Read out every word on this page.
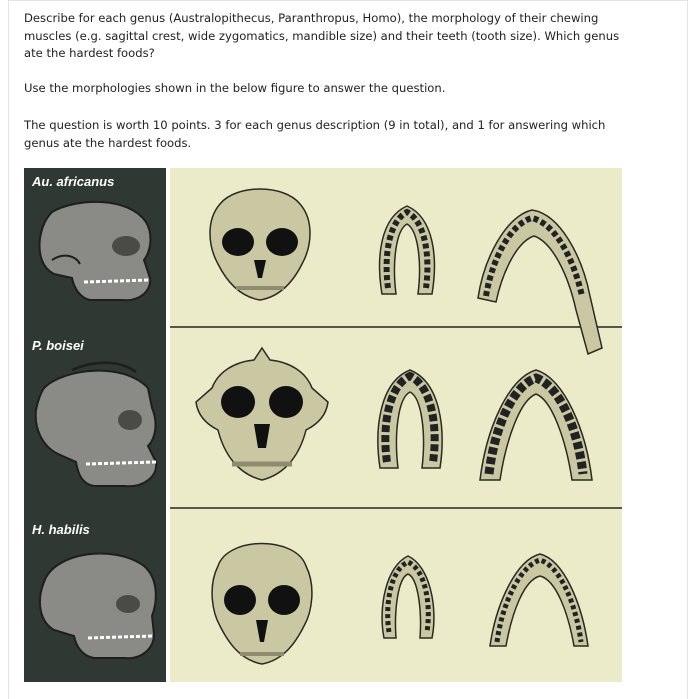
Describe for each genus (Australopithecus, Paranthropus, Homo), the morphology of their chewing muscles (e.g. sagittal crest, wide zygomatics, mandible size) and their teeth (tooth size). Which genus ate the hardest foods?

Use the morphologies shown in the below figure to answer the question.

The question is worth 10 points. 3 for each genus description (9 in total), and 1 for answering which genus ate the hardest foods.

Au. africanus
P. boisei
H. habilis
